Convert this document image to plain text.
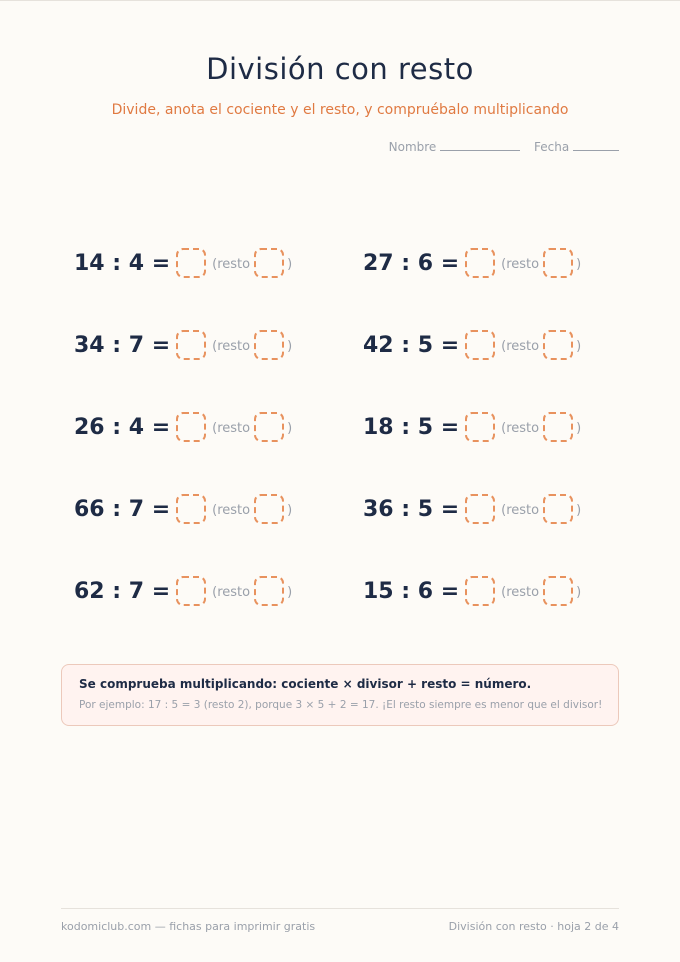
División con resto
Divide, anota el cociente y el resto, y compruébalo multiplicando
Nombre	Fecha
14 : 4 =	(resto	)	27 : 6 =	(resto	)
34 : 7 =	(resto	)	42 : 5 =	(resto	)
26 : 4 =	(resto	)	18 : 5 =	(resto	)
66 : 7 =	(resto	)	36 : 5 =	(resto	)
62 : 7 =	(resto	)	15 : 6 =	(resto	)
Se comprueba multiplicando: cociente × divisor + resto = número.
Por ejemplo: 17 : 5 = 3 (resto 2), porque 3 × 5 + 2 = 17. ¡El resto siempre es menor que el divisor!
kodomiclub.com — fichas para imprimir gratis	División con resto · hoja 2 de 4
